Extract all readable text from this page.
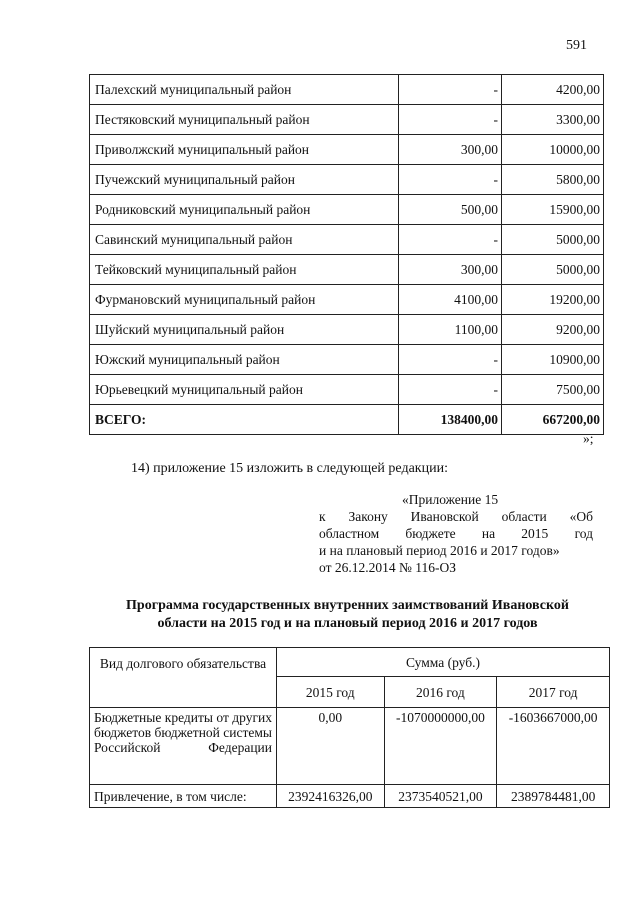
591
Палехский муниципальный район	-	4200,00
Пестяковский муниципальный район	-	3300,00
Приволжский муниципальный район	300,00	10000,00
Пучежский муниципальный район	-	5800,00
Родниковский муниципальный район	500,00	15900,00
Савинский муниципальный район	-	5000,00
Тейковский муниципальный район	300,00	5000,00
Фурмановский муниципальный район	4100,00	19200,00
Шуйский муниципальный район	1100,00	9200,00
Южский муниципальный район	-	10900,00
Юрьевецкий муниципальный район	-	7500,00
ВСЕГО:	138400,00	667200,00
»;
14) приложение 15 изложить в следующей редакции:
«Приложение 15
к Закону Ивановской области «Об
областном бюджете на 2015 год
и на плановый период 2016 и 2017 годов»
от 26.12.2014 № 116-ОЗ
Программа государственных внутренних заимствований Ивановской
области на 2015 год и на плановый период 2016 и 2017 годов
Вид долгового обязательства	Сумма (руб.)		
	2015 год	2016 год	2017 год
Бюджетные кредиты от других бюджетов бюджетной системы Российской Федерации	0,00	-1070000000,00	-1603667000,00
Привлечение, в том числе:	2392416326,00	2373540521,00	2389784481,00
